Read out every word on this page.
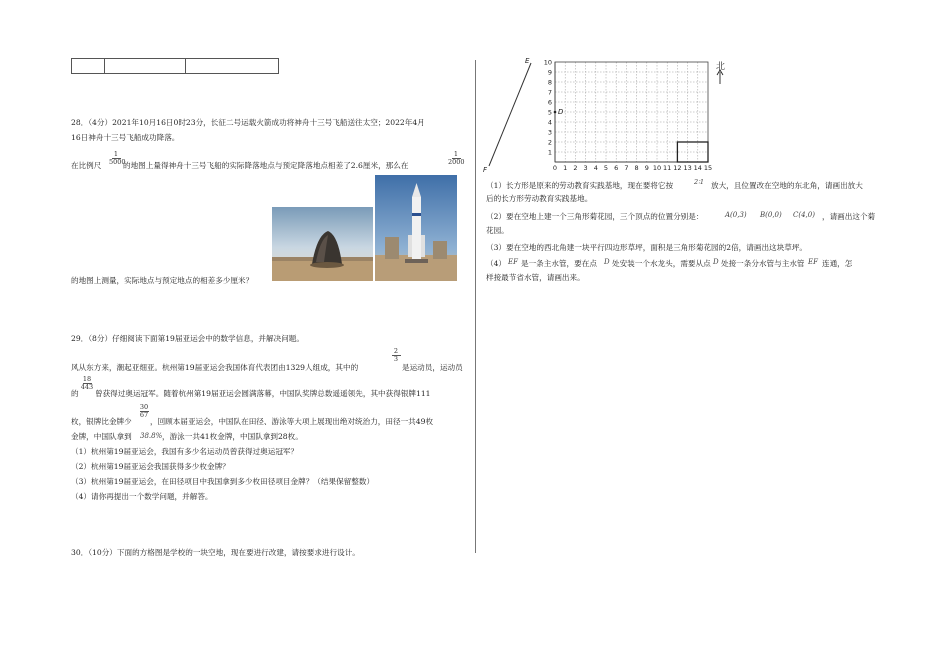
28．（4分）2021年10月16日0时23分，长征二号运载火箭成功将神舟十三号飞船送往太空；2022年4月
16日神舟十三号飞船成功降落。
1
5000
在比例尺	的地图上量得神舟十三号飞船的实际降落地点与预定降落地点相差了2.6厘米，那么在
1
2000
的地图上测量，实际地点与预定地点的相差多少厘米？
29．（8分）仔细阅读下面第19届亚运会中的数学信息，并解决问题。
风从东方来，潮起亚细亚。杭州第19届亚运会我国体育代表团由1329人组成，其中的
2
3
是运动员，运动员
的
18
443
曾获得过奥运冠军。随着杭州第19届亚运会圆满落幕，中国队奖牌总数遥遥领先，其中获得银牌111
枚，银牌比金牌少
30
67
，回顾本届亚运会，中国队在田径、游泳等大项上展现出绝对统治力，田径一共49枚
金牌，中国队拿到 38.8% ，游泳一共41枚金牌，中国队拿到28枚。
（1）杭州第19届亚运会，我国有多少名运动员曾获得过奥运冠军？
（2）杭州第19届亚运会我国获得多少枚金牌？
（3）杭州第19届亚运会，在田径项目中我国拿到多少枚田径项目金牌？（结果保留整数）
（4）请你再提出一个数学问题，并解答。
30．（10分）下面的方格图是学校的一块空地，现在要进行改建，请按要求进行设计。
0 1 2 3 4 5 6 7 8 9 10 11 12 13 14 15
1
2
3
4
5
6
7
8
9
10
D
E
F
北
（1）长方形是原来的劳动教育实践基地，现在要将它按	2∶1 放大，且位置改在空地的东北角，请画出放大
后的长方形劳动教育实践基地。
（2）要在空地上建一个三角形菊花园，三个顶点的位置分别是：	A(0,3) B(0,0) C(4,0) ，请画出这个菊
花园。
（3）要在空地的西北角建一块平行四边形草坪，面积是三角形菊花园的2倍，请画出这块草坪。
（4） EF 是一条主水管，要在点 D 处安装一个水龙头，需要从点 D 处接一条分水管与主水管 EF 连通，怎
样接最节省水管，请画出来。
